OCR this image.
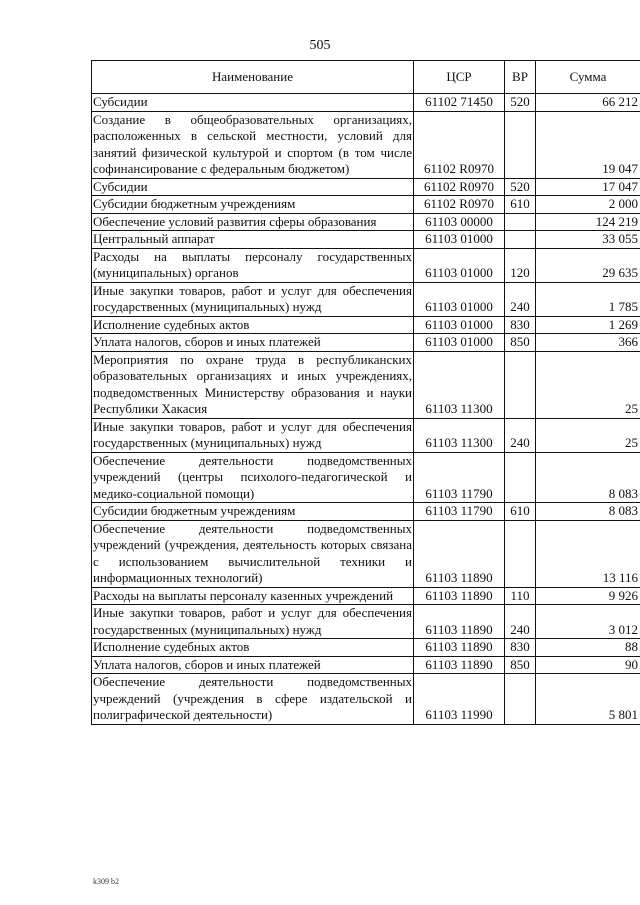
505
Наименование	ЦСР	ВР	Сумма
Субсидии	61102 71450	520	66 212
Создание в общеобразовательных организациях, расположенных в сельской местности, условий для занятий физической культурой и спортом (в том числе софинансирование с федеральным бюджетом)	61102 R0970		19 047
Субсидии	61102 R0970	520	17 047
Субсидии бюджетным учреждениям	61102 R0970	610	2 000
Обеспечение условий развития сферы образования	61103 00000		124 219
Центральный аппарат	61103 01000		33 055
Расходы на выплаты персоналу государственных (муниципальных) органов	61103 01000	120	29 635
Иные закупки товаров, работ и услуг для обеспечения государственных (муниципальных) нужд	61103 01000	240	1 785
Исполнение судебных актов	61103 01000	830	1 269
Уплата налогов, сборов и иных платежей	61103 01000	850	366
Мероприятия по охране труда в республиканских образовательных организациях и иных учреждениях, подведомственных Министерству образования и науки Республики Хакасия	61103 11300		25
Иные закупки товаров, работ и услуг для обеспечения государственных (муниципальных) нужд	61103 11300	240	25
Обеспечение деятельности подведомственных учреждений (центры психолого-педагогической и медико-социальной помощи)	61103 11790		8 083
Субсидии бюджетным учреждениям	61103 11790	610	8 083
Обеспечение деятельности подведомственных учреждений (учреждения, деятельность которых связана с использованием вычислительной техники и информационных технологий)	61103 11890		13 116
Расходы на выплаты персоналу казенных учреждений	61103 11890	110	9 926
Иные закупки товаров, работ и услуг для обеспечения государственных (муниципальных) нужд	61103 11890	240	3 012
Исполнение судебных актов	61103 11890	830	88
Уплата налогов, сборов и иных платежей	61103 11890	850	90
Обеспечение деятельности подведомственных учреждений (учреждения в сфере издательской и полиграфической деятельности)	61103 11990		5 801
k309 b2
